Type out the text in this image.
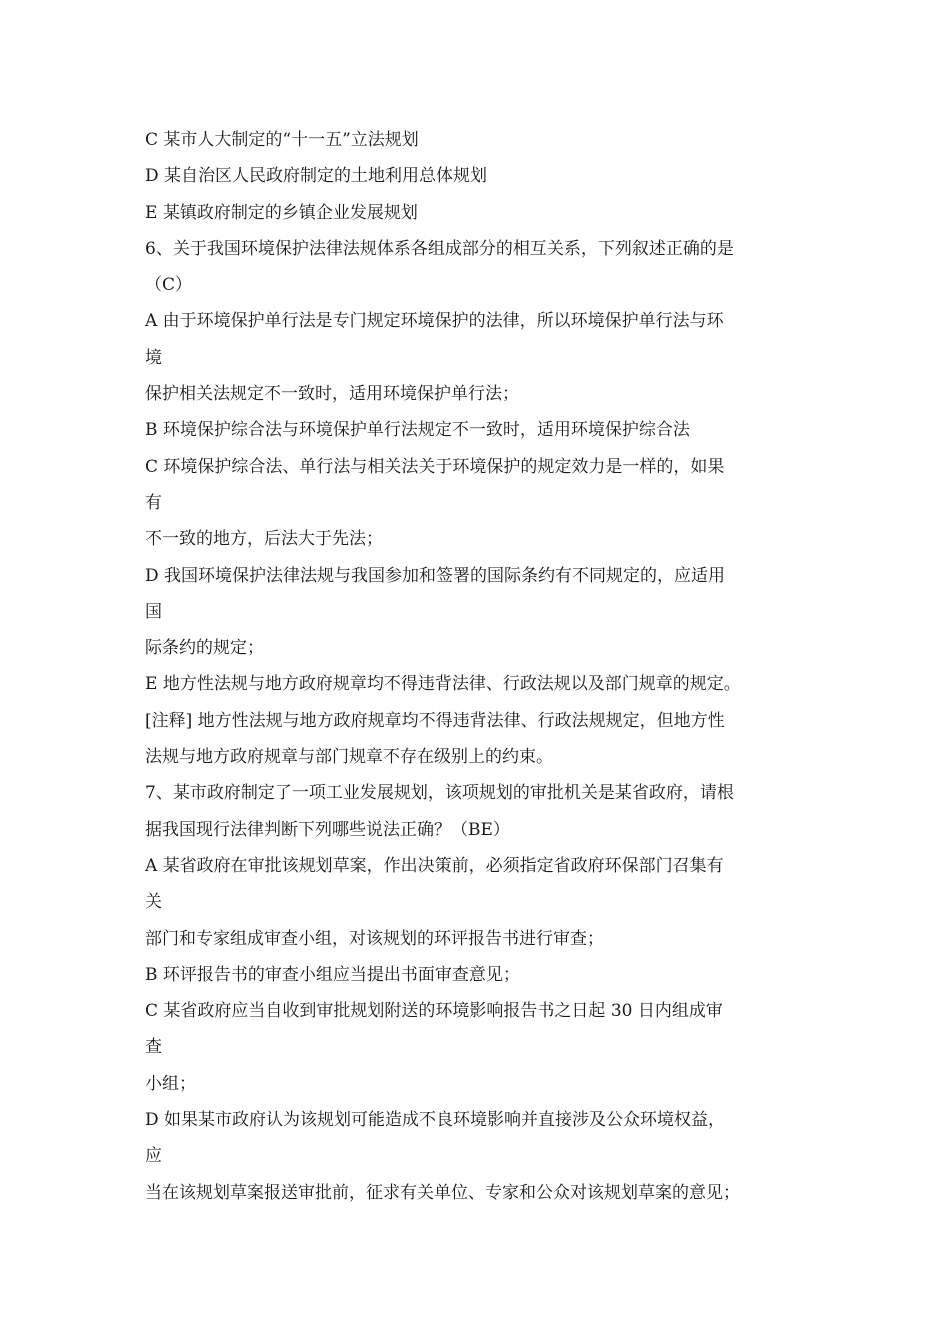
C 某市人大制定的“十一五”立法规划
D 某自治区人民政府制定的土地利用总体规划
E 某镇政府制定的乡镇企业发展规划
6、关于我国环境保护法律法规体系各组成部分的相互关系，下列叙述正确的是
（C）
A 由于环境保护单行法是专门规定环境保护的法律，所以环境保护单行法与环
境
保护相关法规定不一致时，适用环境保护单行法；
B 环境保护综合法与环境保护单行法规定不一致时，适用环境保护综合法
C 环境保护综合法、单行法与相关法关于环境保护的规定效力是一样的，如果
有
不一致的地方，后法大于先法；
D 我国环境保护法律法规与我国参加和签署的国际条约有不同规定的，应适用
国
际条约的规定；
E 地方性法规与地方政府规章均不得违背法律、行政法规以及部门规章的规定。
[注释] 地方性法规与地方政府规章均不得违背法律、行政法规规定，但地方性
法规与地方政府规章与部门规章不存在级别上的约束。
7、某市政府制定了一项工业发展规划，该项规划的审批机关是某省政府，请根
据我国现行法律判断下列哪些说法正确？（BE）
A 某省政府在审批该规划草案，作出决策前，必须指定省政府环保部门召集有
关
部门和专家组成审查小组，对该规划的环评报告书进行审查；
B 环评报告书的审查小组应当提出书面审查意见；
C 某省政府应当自收到审批规划附送的环境影响报告书之日起 30 日内组成审
查
小组；
D 如果某市政府认为该规划可能造成不良环境影响并直接涉及公众环境权益，
应
当在该规划草案报送审批前，征求有关单位、专家和公众对该规划草案的意见；
